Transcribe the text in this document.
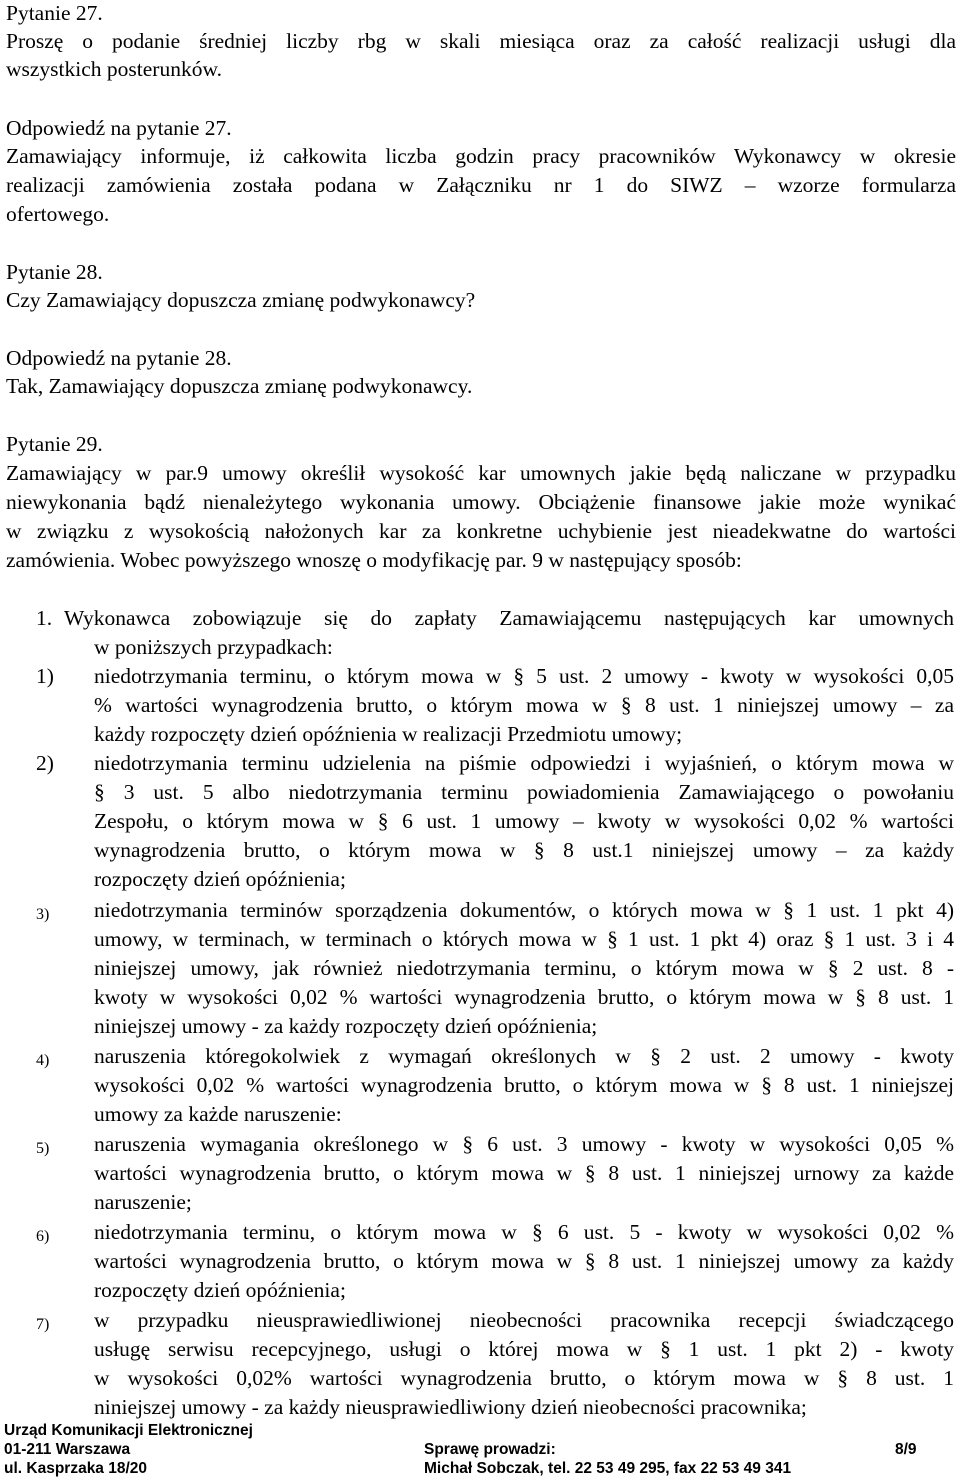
Pytanie 27.

Proszę o podanie średniej liczby rbg w skali miesiąca oraz za całość realizacji usługi dla

wszystkich posterunków.

Odpowiedź na pytanie 27.

Zamawiający informuje, iż całkowita liczba godzin pracy pracowników Wykonawcy w okresie

realizacji zamówienia została podana w Załączniku nr 1 do SIWZ – wzorze formularza

ofertowego.

Pytanie 28.

Czy Zamawiający dopuszcza zmianę podwykonawcy?

Odpowiedź na pytanie 28.

Tak, Zamawiający dopuszcza zmianę podwykonawcy.

Pytanie 29.

Zamawiający w par.9 umowy określił wysokość kar umownych jakie będą naliczane w przypadku

niewykonania bądź nienależytego wykonania umowy. Obciążenie finansowe jakie może wynikać

w związku z wysokością nałożonych kar za konkretne uchybienie jest nieadekwatne do wartości

zamówienia. Wobec powyższego wnoszę o modyfikację par. 9 w następujący sposób:

1. Wykonawca zobowiązuje się do zapłaty Zamawiającemu następujących kar umownych

w poniższych przypadkach:

1) niedotrzymania terminu, o którym mowa w § 5 ust. 2 umowy - kwoty w wysokości 0,05

% wartości wynagrodzenia brutto, o którym mowa w § 8 ust. 1 niniejszej umowy – za

każdy rozpoczęty dzień opóźnienia w realizacji Przedmiotu umowy;

2) niedotrzymania terminu udzielenia na piśmie odpowiedzi i wyjaśnień, o którym mowa w

§ 3 ust. 5 albo niedotrzymania terminu powiadomienia Zamawiającego o powołaniu

Zespołu, o którym mowa w § 6 ust. 1 umowy – kwoty w wysokości 0,02 % wartości

wynagrodzenia brutto, o którym mowa w § 8 ust.1 niniejszej umowy – za każdy

rozpoczęty dzień opóźnienia;

3) niedotrzymania terminów sporządzenia dokumentów, o których mowa w § 1 ust. 1 pkt 4)

umowy, w terminach, w terminach o których mowa w § 1 ust. 1 pkt 4) oraz § 1 ust. 3 i 4

niniejszej umowy, jak również niedotrzymania terminu, o którym mowa w § 2 ust. 8 -

kwoty w wysokości 0,02 % wartości wynagrodzenia brutto, o którym mowa w § 8 ust. 1

niniejszej umowy - za każdy rozpoczęty dzień opóźnienia;

4) naruszenia któregokolwiek z wymagań określonych w § 2 ust. 2 umowy - kwoty

wysokości 0,02 % wartości wynagrodzenia brutto, o którym mowa w § 8 ust. 1 niniejszej

umowy za każde naruszenie:

5) naruszenia wymagania określonego w § 6 ust. 3 umowy - kwoty w wysokości 0,05 %

wartości wynagrodzenia brutto, o którym mowa w § 8 ust. 1 niniejszej urnowy za każde

naruszenie;

6) niedotrzymania terminu, o którym mowa w § 6 ust. 5 - kwoty w wysokości 0,02 %

wartości wynagrodzenia brutto, o którym mowa w § 8 ust. 1 niniejszej umowy za każdy

rozpoczęty dzień opóźnienia;

7) w przypadku nieusprawiedliwionej nieobecności pracownika recepcji świadczącego

usługę serwisu recepcyjnego, usługi o której mowa w § 1 ust. 1 pkt 2) - kwoty

w wysokości 0,02% wartości wynagrodzenia brutto, o którym mowa w § 8 ust. 1

niniejszej umowy - za każdy nieusprawiedliwiony dzień nieobecności pracownika;

Urząd Komunikacji Elektronicznej

01-211 Warszawa

ul. Kasprzaka 18/20

Sprawę prowadzi:

Michał Sobczak, tel. 22 53 49 295, fax 22 53 49 341

8/9
